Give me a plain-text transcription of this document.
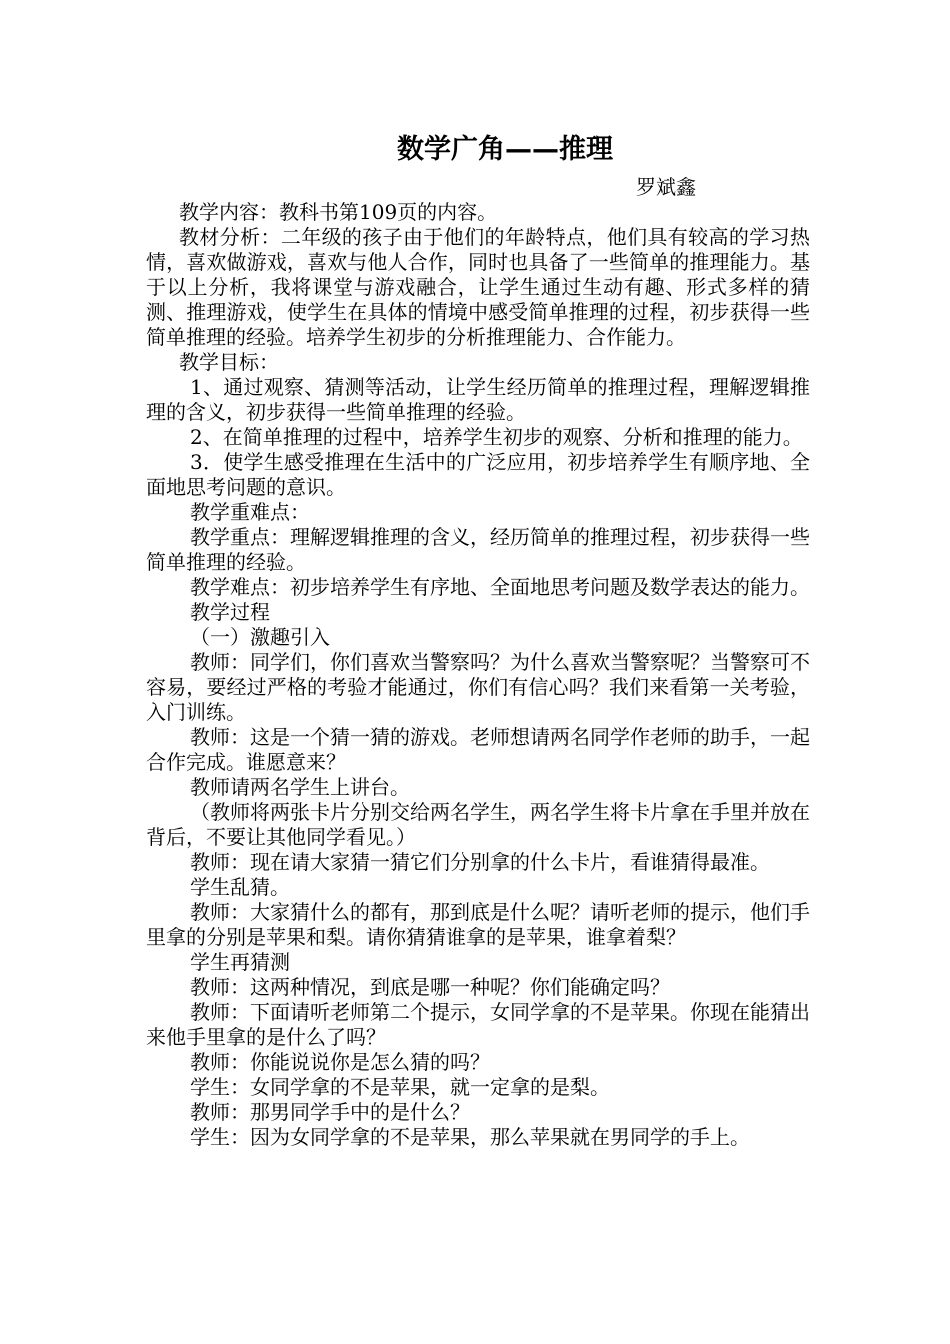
数学广角——推理

罗斌鑫

教学内容：教科书第109页的内容。

教材分析：二年级的孩子由于他们的年龄特点，他们具有较高的学习热情，喜欢做游戏，喜欢与他人合作，同时也具备了一些简单的推理能力。基于以上分析，我将课堂与游戏融合，让学生通过生动有趣、形式多样的猜测、推理游戏，使学生在具体的情境中感受简单推理的过程，初步获得一些简单推理的经验。培养学生初步的分析推理能力、合作能力。

教学目标：

1、通过观察、猜测等活动，让学生经历简单的推理过程，理解逻辑推理的含义，初步获得一些简单推理的经验。

2、在简单推理的过程中，培养学生初步的观察、分析和推理的能力。

3．使学生感受推理在生活中的广泛应用，初步培养学生有顺序地、全面地思考问题的意识。

教学重难点：

教学重点：理解逻辑推理的含义，经历简单的推理过程，初步获得一些简单推理的经验。

教学难点：初步培养学生有序地、全面地思考问题及数学表达的能力。

教学过程

（一）激趣引入

教师：同学们，你们喜欢当警察吗？为什么喜欢当警察呢？当警察可不容易，要经过严格的考验才能通过，你们有信心吗？我们来看第一关考验，入门训练。

教师：这是一个猜一猜的游戏。老师想请两名同学作老师的助手，一起合作完成。谁愿意来？

教师请两名学生上讲台。

（教师将两张卡片分别交给两名学生，两名学生将卡片拿在手里并放在背后，不要让其他同学看见。）

教师：现在请大家猜一猜它们分别拿的什么卡片，看谁猜得最准。

学生乱猜。

教师：大家猜什么的都有，那到底是什么呢？请听老师的提示，他们手里拿的分别是苹果和梨。请你猜猜谁拿的是苹果，谁拿着梨？

学生再猜测

教师：这两种情况，到底是哪一种呢？你们能确定吗？

教师：下面请听老师第二个提示，女同学拿的不是苹果。你现在能猜出来他手里拿的是什么了吗？

教师：你能说说你是怎么猜的吗？

学生：女同学拿的不是苹果，就一定拿的是梨。

教师：那男同学手中的是什么？

学生：因为女同学拿的不是苹果，那么苹果就在男同学的手上。
